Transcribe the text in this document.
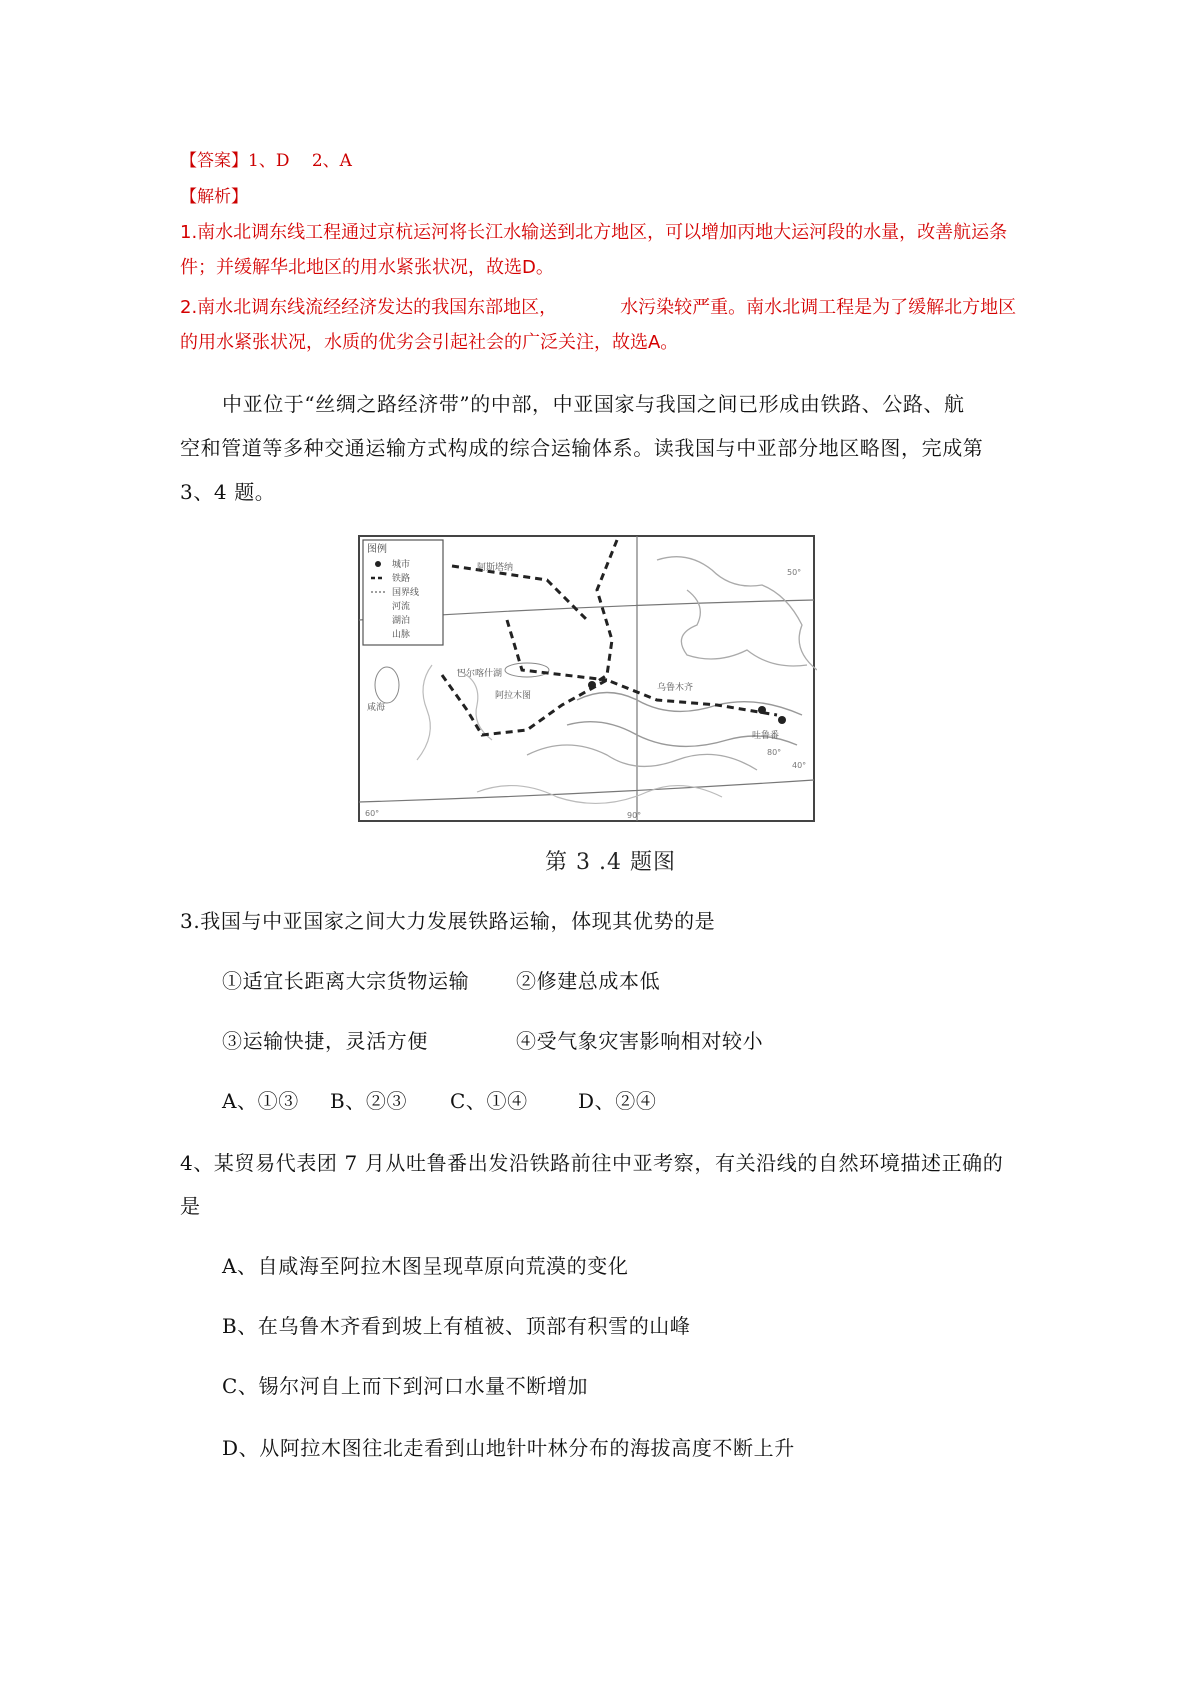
【答案】1、D　 2、A
【解析】
1.南水北调东线工程通过京杭运河将长江水输送到北方地区，可以增加丙地大运河段的水量，改善航运条
件；并缓解华北地区的用水紧张状况，故选D。
2.南水北调东线流经经济发达的我国东部地区，　　　　水污染较严重。南水北调工程是为了缓解北方地区
的用水紧张状况，水质的优劣会引起社会的广泛关注，故选A。
中亚位于“丝绸之路经济带”的中部，中亚国家与我国之间已形成由铁路、公路、航
空和管道等多种交通运输方式构成的综合运输体系。读我国与中亚部分地区略图，完成第
3、4 题。
图例
城市
铁路
国界线
河流
湖泊
山脉
阿斯塔纳
咸海
巴尔喀什湖
阿拉木图
乌鲁木齐
吐鲁番
50°
40°
60°	90°
80°
第 3 .4 题图
3.我国与中亚国家之间大力发展铁路运输，体现其优势的是
①适宜长距离大宗货物运输 ②修建总成本低
③运输快捷，灵活方便	④受气象灾害影响相对较小
A、①③ B、②③ C、①④	D、②④
4、某贸易代表团 7 月从吐鲁番出发沿铁路前往中亚考察，有关沿线的自然环境描述正确的
是
A、自咸海至阿拉木图呈现草原向荒漠的变化
B、在乌鲁木齐看到坡上有植被、顶部有积雪的山峰
C、锡尔河自上而下到河口水量不断增加
D、从阿拉木图往北走看到山地针叶林分布的海拔高度不断上升
